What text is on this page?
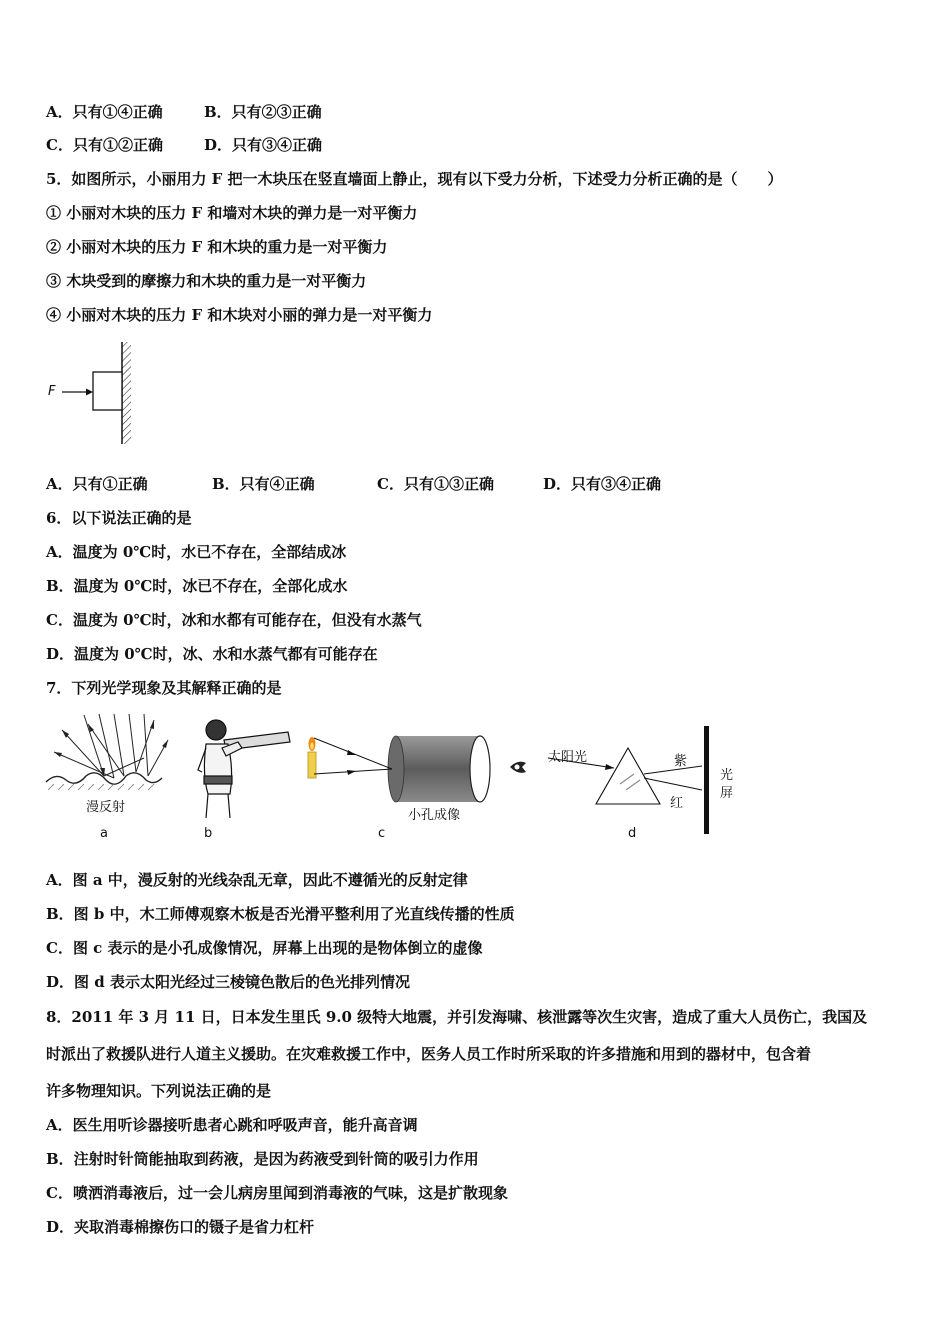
A．只有①④正确	B．只有②③正确
C．只有①②正确	D．只有③④正确
5．如图所示，小丽用力 F 把一木块压在竖直墙面上静止，现有以下受力分析，下述受力分析正确的是（　　）
① 小丽对木块的压力 F 和墙对木块的弹力是一对平衡力
② 小丽对木块的压力 F 和木块的重力是一对平衡力
③ 木块受到的摩擦力和木块的重力是一对平衡力
④ 小丽对木块的压力 F 和木块对小丽的弹力是一对平衡力
F
A．只有①正确	B．只有④正确	C．只有①③正确	D．只有③④正确
6．以下说法正确的是
A．温度为 0℃时，水已不存在，全部结成冰
B．温度为 0℃时，冰已不存在，全部化成水
C．温度为 0℃时，冰和水都有可能存在，但没有水蒸气
D．温度为 0℃时，冰、水和水蒸气都有可能存在
7．下列光学现象及其解释正确的是
漫反射
a	b
小孔成像
c
太阳光	紫
红
光
屏
d
A．图 a 中，漫反射的光线杂乱无章，因此不遵循光的反射定律
B．图 b 中，木工师傅观察木板是否光滑平整利用了光直线传播的性质
C．图 c 表示的是小孔成像情况，屏幕上出现的是物体倒立的虚像
D．图 d 表示太阳光经过三棱镜色散后的色光排列情况
8．2011 年 3 月 11 日，日本发生里氏 9.0 级特大地震，并引发海啸、核泄露等次生灾害，造成了重大人员伤亡，我国及
时派出了救援队进行人道主义援助。在灾难救援工作中，医务人员工作时所采取的许多措施和用到的器材中，包含着
许多物理知识。下列说法正确的是
A．医生用听诊器接听患者心跳和呼吸声音，能升高音调
B．注射时针筒能抽取到药液，是因为药液受到针筒的吸引力作用
C．喷洒消毒液后，过一会儿病房里闻到消毒液的气味，这是扩散现象
D．夹取消毒棉擦伤口的镊子是省力杠杆
